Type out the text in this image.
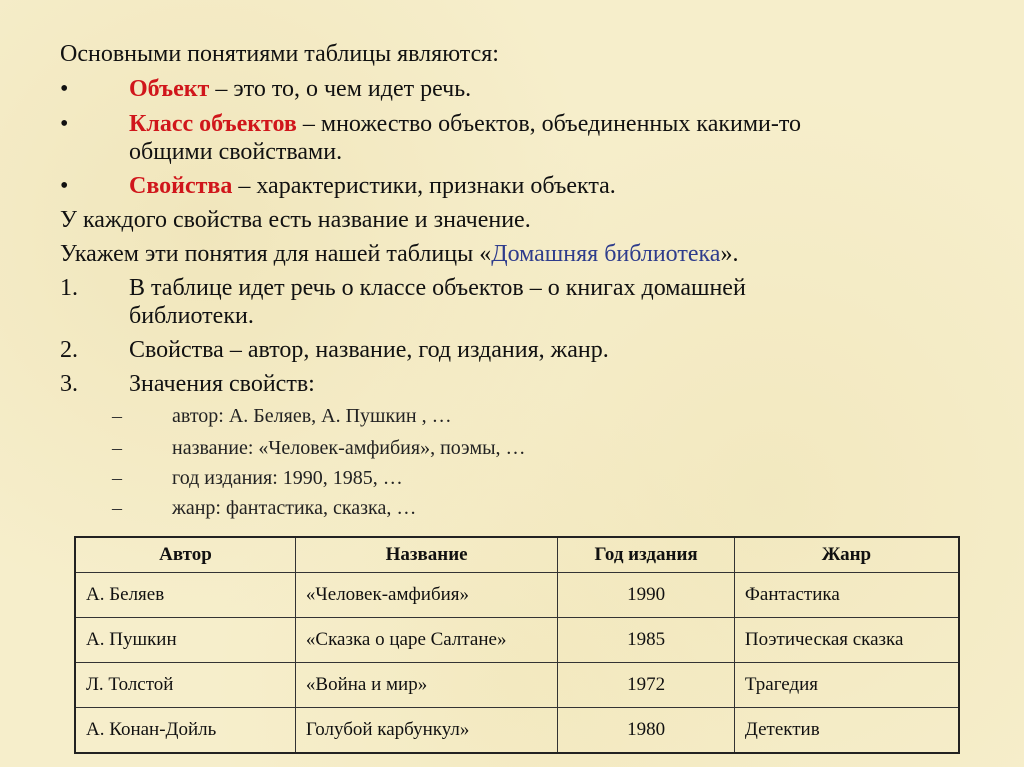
Основными понятиями таблицы являются:
•	Объект – это то, о чем идет речь.
•	Класс объектов – множество объектов, объединенных какими-то
общими свойствами.
•	Свойства – характеристики, признаки объекта.
У каждого свойства есть название и значение.
Укажем эти понятия для нашей таблицы «Домашняя библиотека».
1. В таблице идет речь о классе объектов – о книгах домашней
библиотеки.
2. Свойства – автор, название, год издания, жанр.
3. Значения свойств:
–	автор: А. Беляев, А. Пушкин , …
–	название: «Человек-амфибия», поэмы, …
–	год издания: 1990, 1985, …
–	жанр: фантастика, сказка, …
Автор	Название	Год издания	Жанр
А. Беляев	«Человек-амфибия»	1990	Фантастика
А. Пушкин	«Сказка о царе Салтане»	1985	Поэтическая сказка
Л. Толстой	«Война и мир»	1972	Трагедия
А. Конан-Дойль	Голубой карбункул»	1980	Детектив
